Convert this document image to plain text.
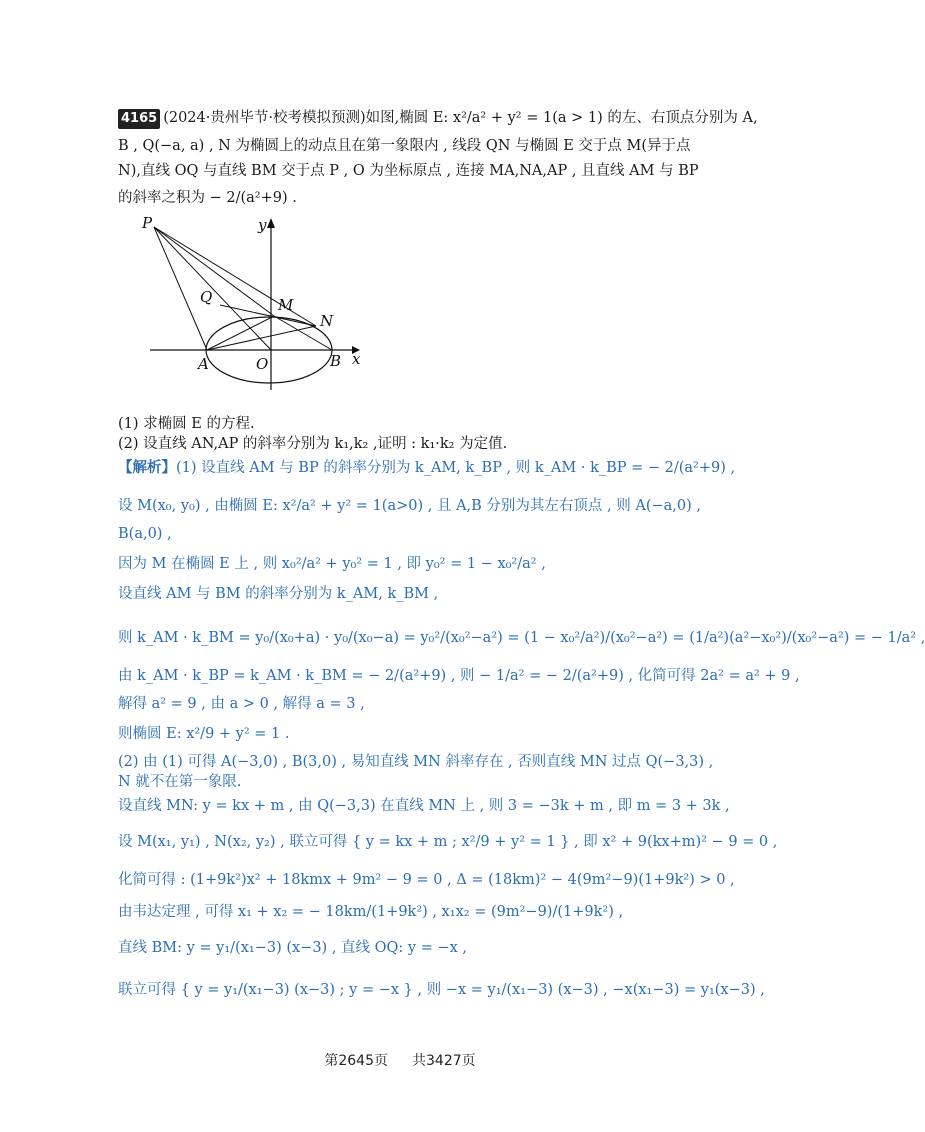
4165 (2024·贵州毕节·校考模拟预测)如图,椭圆 E: x²/a² + y² = 1(a > 1) 的左、右顶点分别为 A,
B , Q(−a, a) , N 为椭圆上的动点且在第一象限内 , 线段 QN 与椭圆 E 交于点 M(异于点
N),直线 OQ 与直线 BM 交于点 P , O 为坐标原点 , 连接 MA,NA,AP , 且直线 AM 与 BP
的斜率之积为 − 2/(a²+9) .
P	y
Q	M
N
A	O	B x
(1) 求椭圆 E 的方程.
(2) 设直线 AN,AP 的斜率分别为 k₁,k₂ ,证明 : k₁·k₂ 为定值.
【解析】(1) 设直线 AM 与 BP 的斜率分别为 k_AM, k_BP , 则 k_AM · k_BP = − 2/(a²+9) ,
设 M(x₀, y₀) , 由椭圆 E: x²/a² + y² = 1(a>0) , 且 A,B 分别为其左右顶点 , 则 A(−a,0) ,
B(a,0) ,
因为 M 在椭圆 E 上 , 则 x₀²/a² + y₀² = 1 , 即 y₀² = 1 − x₀²/a² ,
设直线 AM 与 BM 的斜率分别为 k_AM, k_BM ,
则 k_AM · k_BM = y₀/(x₀+a) · y₀/(x₀−a) = y₀²/(x₀²−a²) = (1 − x₀²/a²)/(x₀²−a²) = (1/a²)(a²−x₀²)/(x₀²−a²) = − 1/a² ,
由 k_AM · k_BP = k_AM · k_BM = − 2/(a²+9) , 则 − 1/a² = − 2/(a²+9) , 化简可得 2a² = a² + 9 ,
解得 a² = 9 , 由 a > 0 , 解得 a = 3 ,
则椭圆 E: x²/9 + y² = 1 .
(2) 由 (1) 可得 A(−3,0) , B(3,0) , 易知直线 MN 斜率存在 , 否则直线 MN 过点 Q(−3,3) ,
N 就不在第一象限.
设直线 MN: y = kx + m , 由 Q(−3,3) 在直线 MN 上 , 则 3 = −3k + m , 即 m = 3 + 3k ,
设 M(x₁, y₁) , N(x₂, y₂) , 联立可得 { y = kx + m ; x²/9 + y² = 1 } , 即 x² + 9(kx+m)² − 9 = 0 ,
化简可得 : (1+9k²)x² + 18kmx + 9m² − 9 = 0 , Δ = (18km)² − 4(9m²−9)(1+9k²) > 0 ,
由韦达定理 , 可得 x₁ + x₂ = − 18km/(1+9k²) , x₁x₂ = (9m²−9)/(1+9k²) ,
直线 BM: y = y₁/(x₁−3) (x−3) , 直线 OQ: y = −x ,
联立可得 { y = y₁/(x₁−3) (x−3) ; y = −x } , 则 −x = y₁/(x₁−3) (x−3) , −x(x₁−3) = y₁(x−3) ,
第2645页 共3427页
